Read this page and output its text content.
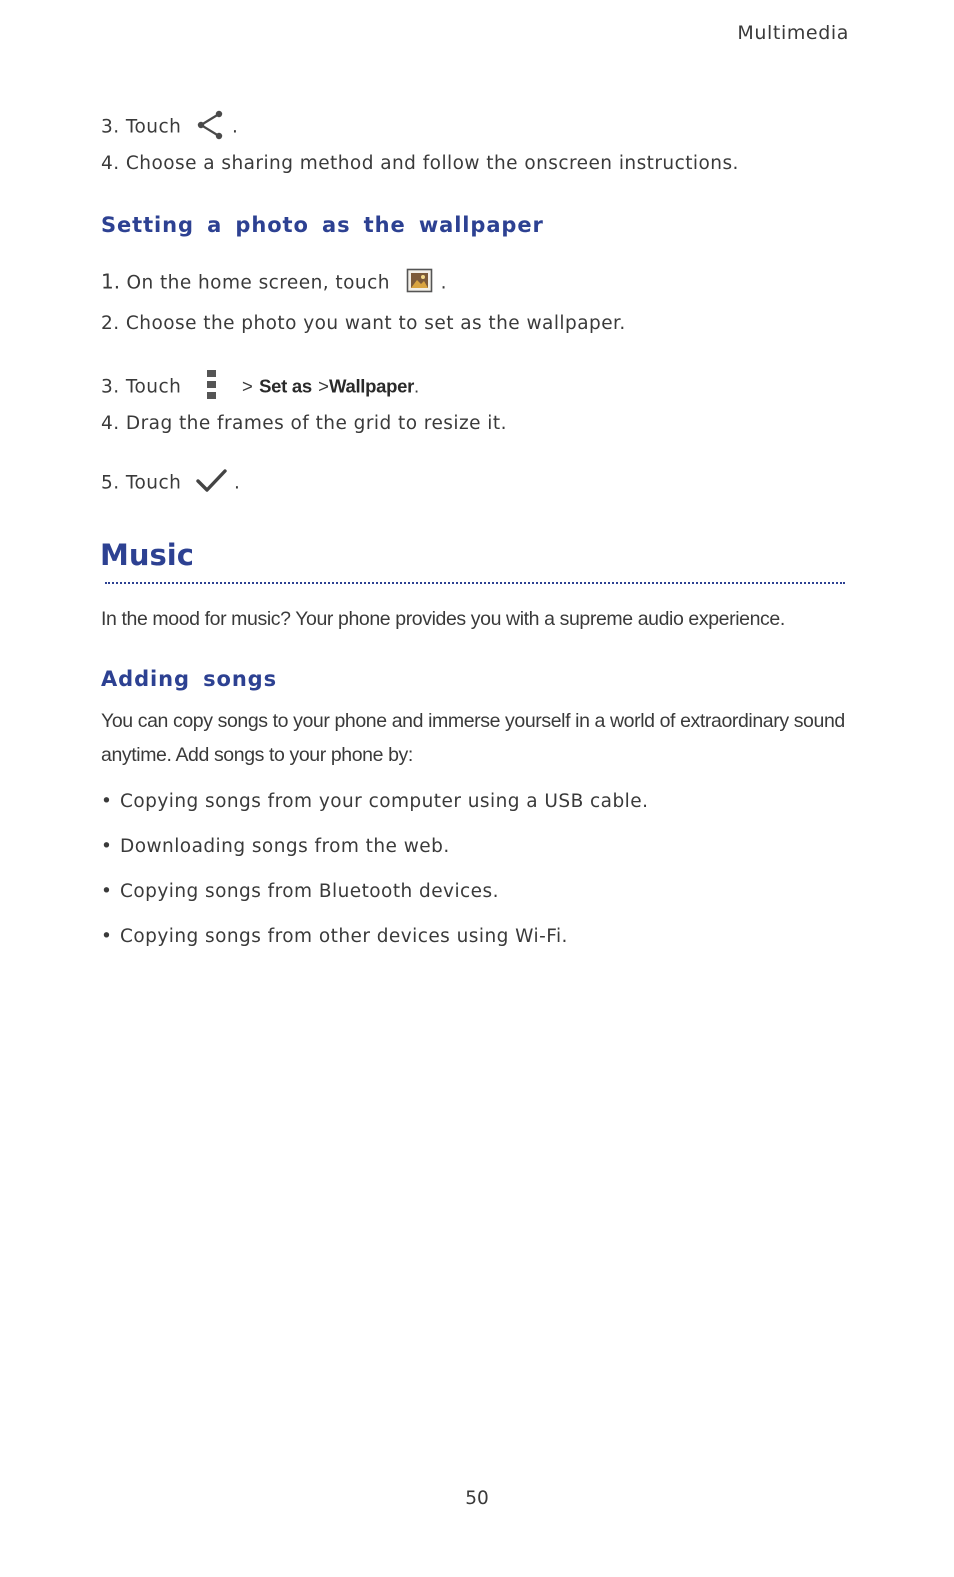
Multimedia
3. Touch	.
4. Choose a sharing method and follow the onscreen instructions.
Setting a photo as the wallpaper
1. On the home screen, touch	.
2. Choose the photo you want to set as the wallpaper.
3. Touch	> Set as >Wallpaper.
4. Drag the frames of the grid to resize it.
5. Touch	.
Music
In the mood for music? Your phone provides you with a supreme audio experience.
Adding songs
You can copy songs to your phone and immerse yourself in a world of extraordinary sound
anytime. Add songs to your phone by:
• Copying songs from your computer using a USB cable.
• Downloading songs from the web.
• Copying songs from Bluetooth devices.
• Copying songs from other devices using Wi-Fi.
50
